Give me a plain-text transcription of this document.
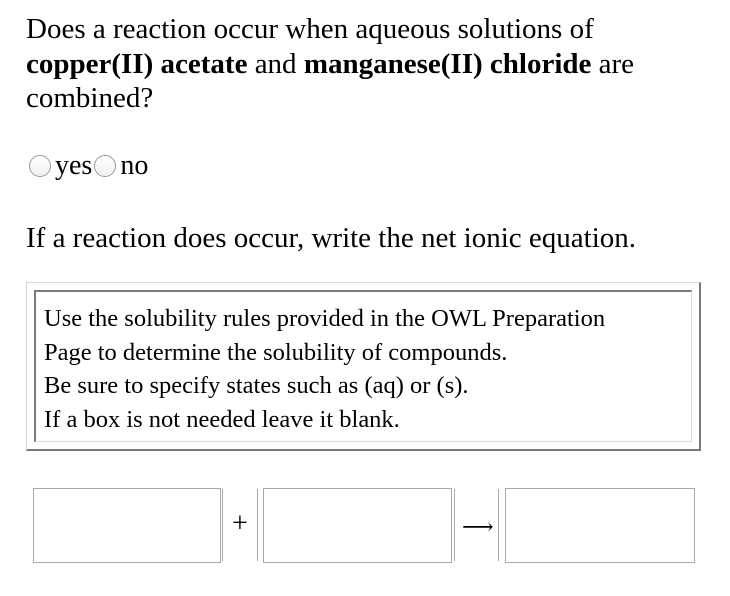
Does a reaction occur when aqueous solutions of
copper(II) acetate and manganese(II) chloride are
combined?
yes no
If a reaction does occur, write the net ionic equation.
Use the solubility rules provided in the OWL Preparation
Page to determine the solubility of compounds.
Be sure to specify states such as (aq) or (s).
If a box is not needed leave it blank.
+	⟶
